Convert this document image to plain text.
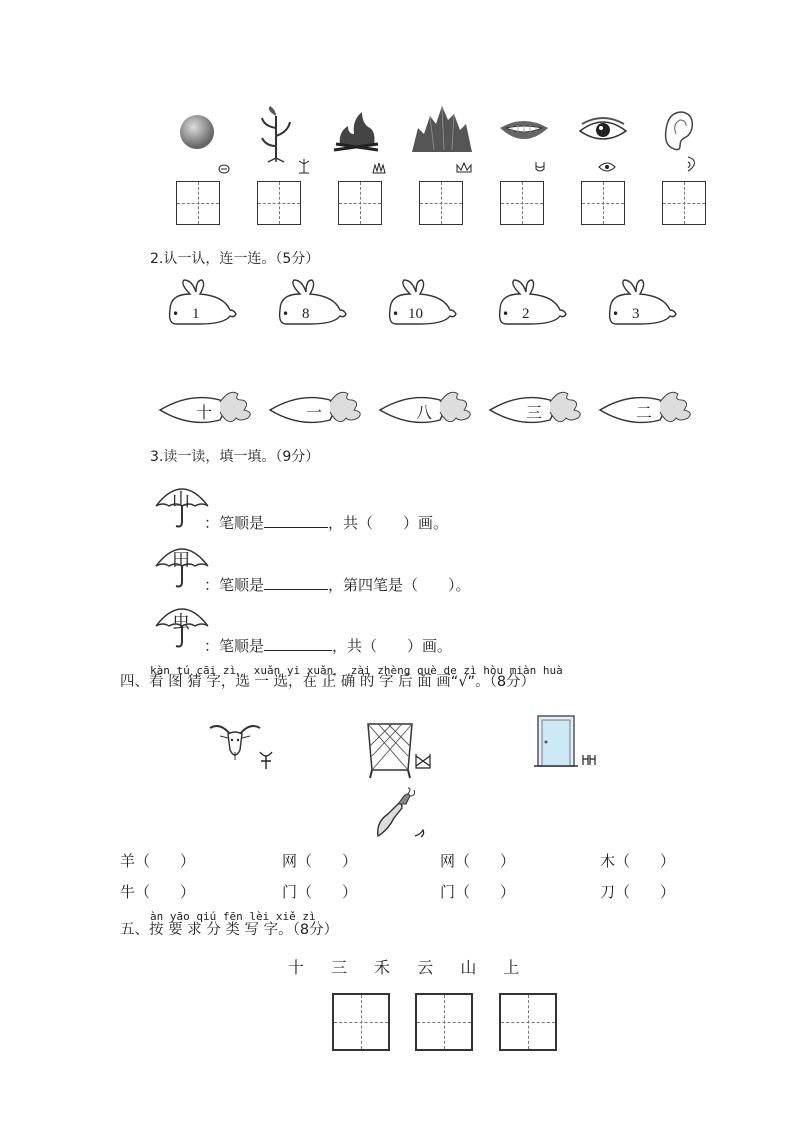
2.认一认，连一连。（5分）
• 1	• 8	• 10	• 2	• 3
十	一	八	三	二
3.读一读，填一填。（9分）
山
：笔顺是	，共（　　）画。
田
：笔顺是	，第四笔是（　　）。
虫
：笔顺是	，共（　　）画。
kàn tú cāi zì， xuǎn yi xuǎn， zài zhèng què de zì hòu miàn huà
四、看 图 猜 字，选 一 选，在 正 确 的 字 后 面 画“√”。（8分）
羊（　　）	网（　　）	网（　　）	木（　　）
牛（　　）	门（　　）	门（　　）	刀（　　）
àn yāo qiú fēn lèi xiě zì
五、按 要 求 分 类 写 字。（8分）
十　 三　 禾　 云　 山　 上
